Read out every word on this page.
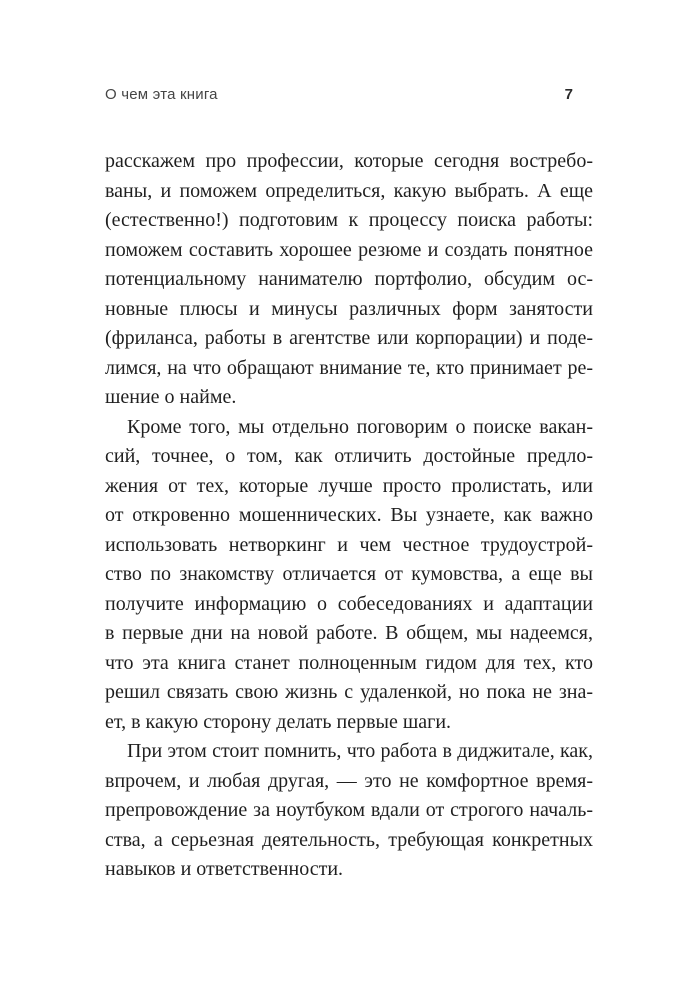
О чем эта книга	7
расскажем про профессии, которые сегодня востребо-
ваны, и поможем определиться, какую выбрать. А еще
(естественно!) подготовим к процессу поиска работы:
поможем составить хорошее резюме и создать понятное
потенциальному нанимателю портфолио, обсудим ос-
новные плюсы и минусы различных форм занятости
(фриланса, работы в агентстве или корпорации) и поде-
лимся, на что обращают внимание те, кто принимает ре-
шение о найме.
Кроме того, мы отдельно поговорим о поиске вакан-
сий, точнее, о том, как отличить достойные предло-
жения от тех, которые лучше просто пролистать, или
от откровенно мошеннических. Вы узнаете, как важно
использовать нетворкинг и чем честное трудоустрой-
ство по знакомству отличается от кумовства, а еще вы
получите информацию о собеседованиях и адаптации
в первые дни на новой работе. В общем, мы надеемся,
что эта книга станет полноценным гидом для тех, кто
решил связать свою жизнь с удаленкой, но пока не зна-
ет, в какую сторону делать первые шаги.
При этом стоит помнить, что работа в диджитале, как,
впрочем, и любая другая, — это не комфортное время-
препровождение за ноутбуком вдали от строгого началь-
ства, а серьезная деятельность, требующая конкретных
навыков и ответственности.
